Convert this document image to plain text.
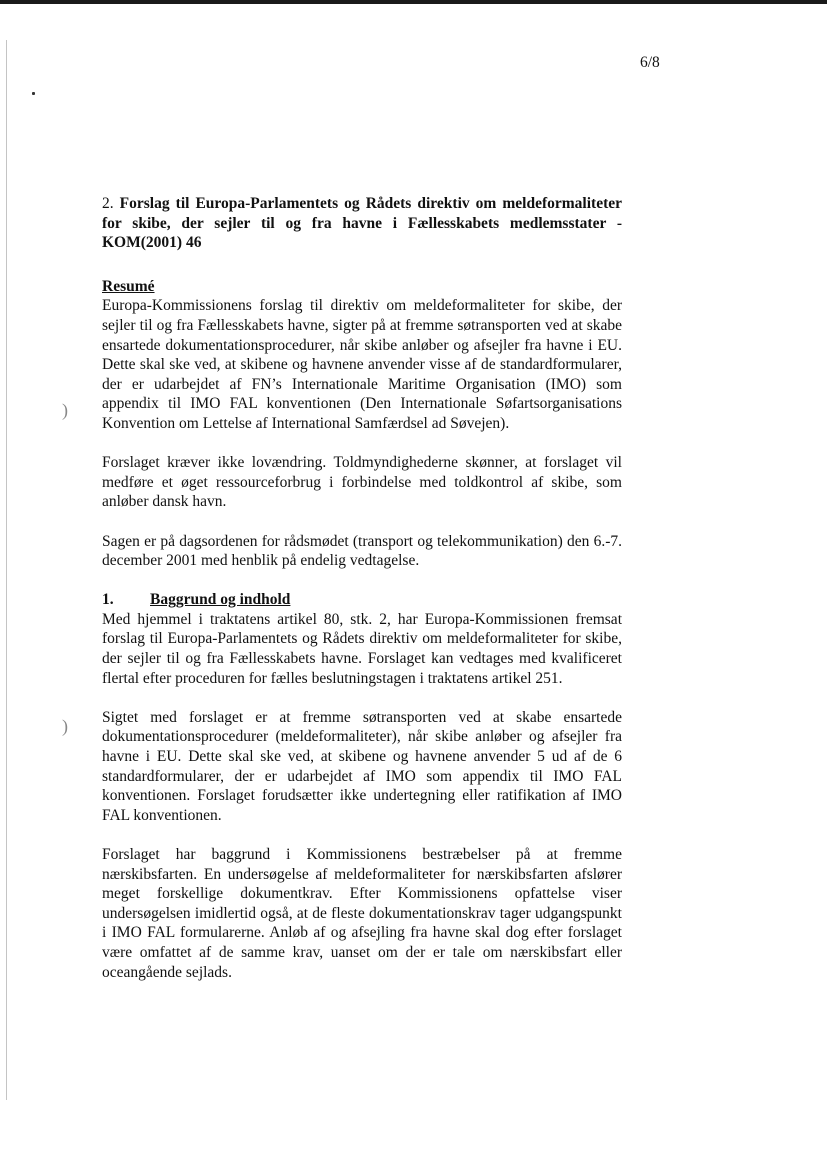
)
)
6/8

2. Forslag til Europa-Parlamentets og Rådets direktiv om meldeformaliteter for skibe, der sejler til og fra havne i Fællesskabets medlemsstater - KOM(2001) 46

Resumé

Europa-Kommissionens forslag til direktiv om meldeformaliteter for skibe, der sejler til og fra Fællesskabets havne, sigter på at fremme søtransporten ved at skabe ensartede dokumentationsprocedurer, når skibe anløber og afsejler fra havne i EU. Dette skal ske ved, at skibene og havnene anvender visse af de standardformularer, der er udarbejdet af FN’s Internationale Maritime Organisation (IMO) som appendix til IMO FAL konventionen (Den Internationale Søfartsorganisations Konvention om Lettelse af International Samfærdsel ad Søvejen).

Forslaget kræver ikke lovændring. Toldmyndighederne skønner, at forslaget vil medføre et øget ressourceforbrug i forbindelse med toldkontrol af skibe, som anløber dansk havn.

Sagen er på dagsordenen for rådsmødet (transport og telekommunikation) den 6.-7. december 2001 med henblik på endelig vedtagelse.

1. Baggrund og indhold

Med hjemmel i traktatens artikel 80, stk. 2, har Europa-Kommissionen fremsat forslag til Europa-Parlamentets og Rådets direktiv om meldeformaliteter for skibe, der sejler til og fra Fællesskabets havne. Forslaget kan vedtages med kvalificeret flertal efter proceduren for fælles beslutningstagen i traktatens artikel 251.

Sigtet med forslaget er at fremme søtransporten ved at skabe ensartede dokumentationsprocedurer (meldeformaliteter), når skibe anløber og afsejler fra havne i EU. Dette skal ske ved, at skibene og havnene anvender 5 ud af de 6 standardformularer, der er udarbejdet af IMO som appendix til IMO FAL konventionen. Forslaget forudsætter ikke undertegning eller ratifikation af IMO FAL konventionen.

Forslaget har baggrund i Kommissionens bestræbelser på at fremme nærskibsfarten. En undersøgelse af meldeformaliteter for nærskibsfarten afslører meget forskellige dokumentkrav. Efter Kommissionens opfattelse viser undersøgelsen imidlertid også, at de fleste dokumentationskrav tager udgangspunkt i IMO FAL formularerne. Anløb af og afsejling fra havne skal dog efter forslaget være omfattet af de samme krav, uanset om der er tale om nærskibsfart eller oceangående sejlads.
